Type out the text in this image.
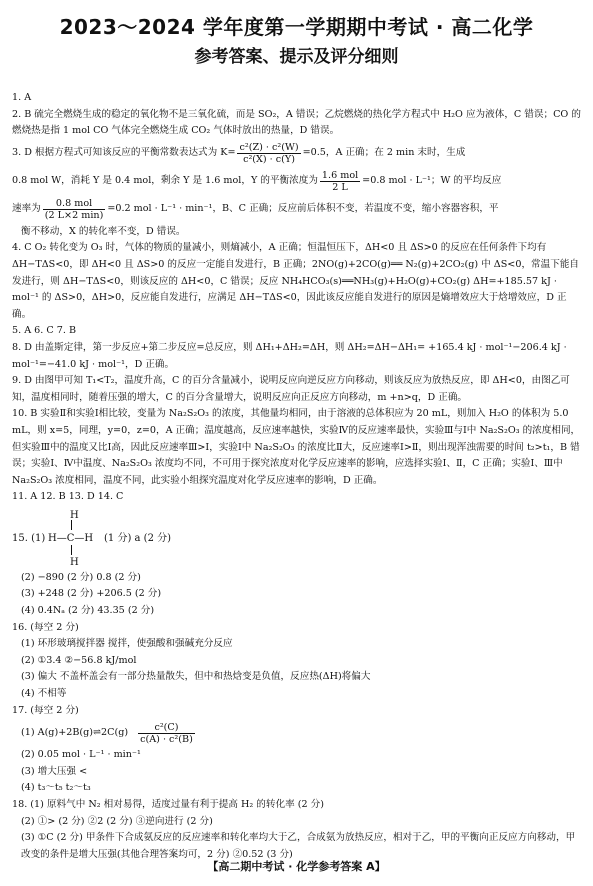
2023～2024 学年度第一学期期中考试 · 高二化学
参考答案、提示及评分细则

1. A

2. B 硫完全燃烧生成的稳定的氧化物不是三氧化硫，而是 SO₂，A 错误；乙烷燃烧的热化学方程式中 H₂O 应为液体，C 错误；CO 的燃烧热是指 1 mol CO 气体完全燃烧生成 CO₂ 气体时放出的热量，D 错误。

3. D 根据方程式可知该反应的平衡常数表达式为 $K= \frac{\text{c²(Z) · c²(W)}}{\text{c²(X) · c(Y)}} =0.5$，A 正确；在 2 min 末时，生成
0.8 mol W，消耗 Y 是 0.4 mol，剩余 Y 是 1.6 mol，Y 的平衡浓度为 $\frac{\text{1.6 mol}}{2 L} =0.8$ mol · L⁻¹；W 的平均反应
速率为 $\frac{\text{0.8 mol}}{(2 L\times 2 \min)} =0.2$ mol · L⁻¹ · min⁻¹，B、C 正确；反应前后体积不变，若温度不变，缩小容器容积，平

衡不移动，X 的转化率不变，D 错误。

4. C O₂ 转化变为 O₃ 时，气体的物质的量减小，则熵减小，A 正确；恒温恒压下，ΔH<0 且 ΔS>0 的反应在任何条件下均有 ΔH−TΔS<0，即 ΔH<0 且 ΔS>0 的反应一定能自发进行，B 正确；2NO(g)+2CO(g)══ N₂(g)+2CO₂(g) 中 ΔS<0，常温下能自发进行，则 ΔH−TΔS<0，则该反应的 ΔH<0，C 错误；反应 NH₄HCO₃(s)══NH₃(g)+H₂O(g)+CO₂(g) ΔH=+185.57 kJ · mol⁻¹ 的 ΔS>0，ΔH>0，反应能自发进行，应满足 ΔH−TΔS<0，因此该反应能自发进行的原因是熵增效应大于焓增效应，D 正确。

5. A 6. C 7. B

8. D 由盖斯定律，第一步反应+第二步反应=总反应，则 ΔH₁+ΔH₂=ΔH，则 ΔH₂=ΔH−ΔH₁= +165.4 kJ · mol⁻¹−206.4 kJ · mol⁻¹=−41.0 kJ · mol⁻¹，D 正确。

9. D 由图甲可知 T₁<T₂，温度升高，C 的百分含量减小，说明反应向逆反应方向移动，则该反应为放热反应，即 ΔH<0，由图乙可知，温度相同时，随着压强的增大，C 的百分含量增大，说明反应向正反应方向移动，m +n>q，D 正确。

10. B 实验Ⅱ和实验Ⅰ相比较，变量为 Na₂S₂O₃ 的浓度，其他量均相同，由于溶液的总体积应为 20 mL，则加入 H₂O 的体积为 5.0 mL，则 x=5，同理，y=0，z=0，A 正确；温度越高，反应速率越快，实验Ⅳ的反应速率最快，实验Ⅲ与Ⅰ中 Na₂S₂O₃ 的浓度相同，但实验Ⅲ中的温度又比Ⅰ高，因此反应速率Ⅲ>Ⅰ，实验Ⅰ中 Na₂S₂O₃ 的浓度比Ⅱ大，反应速率Ⅰ>Ⅱ，则出现浑浊需要的时间 t₂>t₁，B 错误；实验Ⅰ、Ⅳ中温度、Na₂S₂O₃ 浓度均不同，不可用于探究浓度对化学反应速率的影响，应选择实验Ⅰ、Ⅱ，C 正确；实验Ⅰ、Ⅲ中 Na₂S₂O₃ 浓度相同，温度不同，此实验小组探究温度对化学反应速率的影响，D 正确。

11. A 12. B 13. D 14. C

15. (1)
H
H—C—H
H
(1 分) a (2 分)

(2) −890 (2 分) 0.8 (2 分)

(3) +248 (2 分) +206.5 (2 分)

(4) 0.4Nₐ (2 分) 43.35 (2 分)

16. (每空 2 分)

(1) 环形玻璃搅拌器 搅拌，使强酸和强碱充分反应

(2) ①3.4 ②−56.8 kJ/mol

(3) 偏大 不盖杯盖会有一部分热量散失，但中和热焓变是负值，反应热(ΔH)将偏大

(4) 不相等

17. (每空 2 分)

(1) A(g)+2B(g)⇌2C(g) $\frac{\text{c²(C)}}{\text{c(A) · c²(B)}}$

(2) 0.05 mol · L⁻¹ · min⁻¹

(3) 增大压强 <

(4) t₃～t₅ t₂～t₃

18. (1) 原料气中 N₂ 相对易得，适度过量有利于提高 H₂ 的转化率 (2 分)

(2) ①> (2 分) ②2 (2 分) ③逆向进行 (2 分)

(3) ①C (2 分) 甲条件下合成氨反应的反应速率和转化率均大于乙，合成氨为放热反应，相对于乙，甲的平衡向正反应方向移动，甲改变的条件是增大压强(其他合理答案均可，2 分) ②0.52 (3 分)

【高二期中考试 · 化学参考答案 A】
